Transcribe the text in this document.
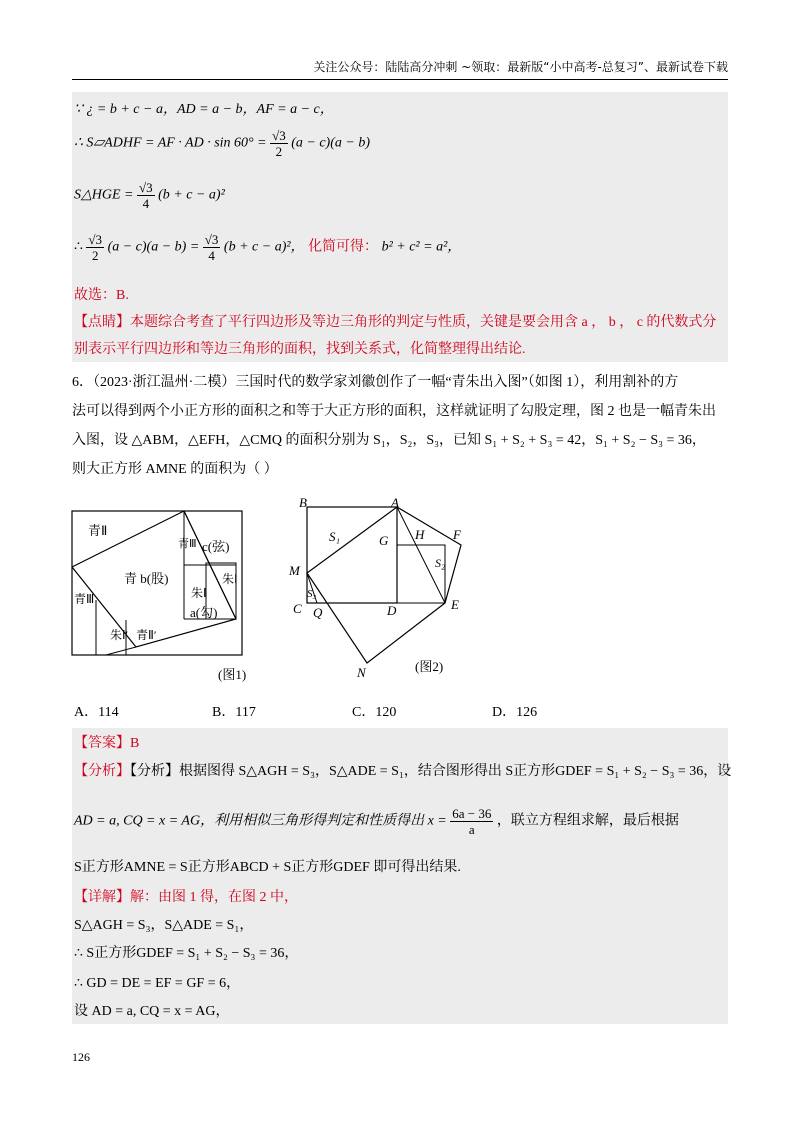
关注公众号：陆陆高分冲刺 ~领取：最新版“小中高考-总复习”、最新试卷下载
∵ ¿ = b + c − a，AD = a − b，AF = a − c，
∴ S▱ADHF = AF · AD · $\sin 60^\circ = \frac{√3}{2} (a - c)(a - b)$
S△HGE = $\frac{√3}{4} (b + c - a)^2$
∴ $\frac{√3}{2} (a - c)(a - b) = \frac{√3}{4} (b + c - a)^2$， 化简可得： b² + c² = a²，
故选：B.
【点睛】本题综合考查了平行四边形及等边三角形的判定与性质，关键是要会用含 a ， b ， c 的代数式分
别表示平行四边形和等边三角形的面积，找到关系式，化简整理得出结论.
6．（2023·浙江温州·二模）三国时代的数学家刘徽创作了一幅“青朱出入图”（如图 1），利用割补的方
法可以得到两个小正方形的面积之和等于大正方形的面积，这样就证明了勾股定理，图 2 也是一幅青朱出
入图，设 △ABM，△EFH，△CMQ 的面积分别为 S₁，S₂，S₃，已知 S₁ + S₂ + S₃ = 42，S₁ + S₂ − S₃ = 36，
则大正方形 AMNE 的面积为（ ）
青Ⅱ
青Ⅲ
c(弦)
青 b(股)
朱Ⅰ
a(勾)
青Ⅲ
朱Ⅰ′ 青Ⅱ′
朱Ⅰ
(图1)
B	A
H F
G
M
C Q	D	E
N
S₁
S₂
S₃
(图2)
A．114	B．117	C．120	D．126
【答案】B
【分析】【分析】根据图得 S△AGH = S₃，S△ADE = S₁，结合图形得出 S正方形GDEF = S₁ + S₂ − S₃ = 36，设
AD = a, CQ = x = AG，利用相似三角形得判定和性质得出 $x = \frac{6a - 36}{a}$ ，联立方程组求解，最后根据
S正方形AMNE = S正方形ABCD + S正方形GDEF 即可得出结果.
【详解】解：由图 1 得，在图 2 中，
S△AGH = S₃，S△ADE = S₁，
∴ S正方形GDEF = S₁ + S₂ − S₃ = 36，
∴ GD = DE = EF = GF = 6，
设 AD = a, CQ = x = AG，
126
